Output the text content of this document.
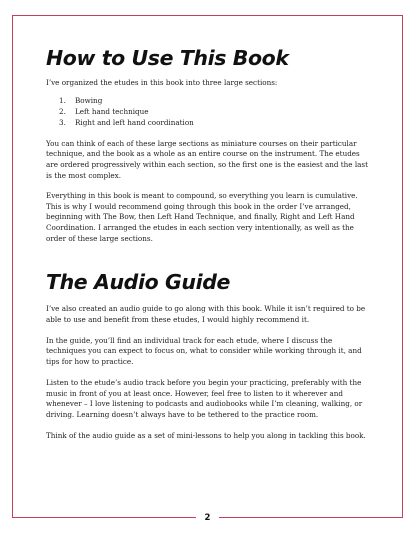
How to Use This Book

I’ve organized the etudes in this book into three large sections:

1.	Bowing
2.	Left hand technique
3.	Right and left hand coordination

You can think of each of these large sections as miniature courses on their particular technique, and the book as a whole as an entire course on the instrument. The etudes are ordered progressively within each section, so the first one is the easiest and the last is the most complex.

Everything in this book is meant to compound, so everything you learn is cumulative. This is why I would recommend going through this book in the order I’ve arranged, beginning with The Bow, then Left Hand Technique, and finally, Right and Left Hand Coordination. I arranged the etudes in each section very intentionally, as well as the order of these large sections.

The Audio Guide

I’ve also created an audio guide to go along with this book. While it isn’t required to be able to use and benefit from these etudes, I would highly recommend it.

In the guide, you’ll find an individual track for each etude, where I discuss the techniques you can expect to focus on, what to consider while working through it, and tips for how to practice.

Listen to the etude’s audio track before you begin your practicing, preferably with the music in front of you at least once. However, feel free to listen to it wherever and whenever – I love listening to podcasts and audiobooks while I’m cleaning, walking, or driving. Learning doesn’t always have to be tethered to the practice room.

Think of the audio guide as a set of mini-lessons to help you along in tackling this book.

2
